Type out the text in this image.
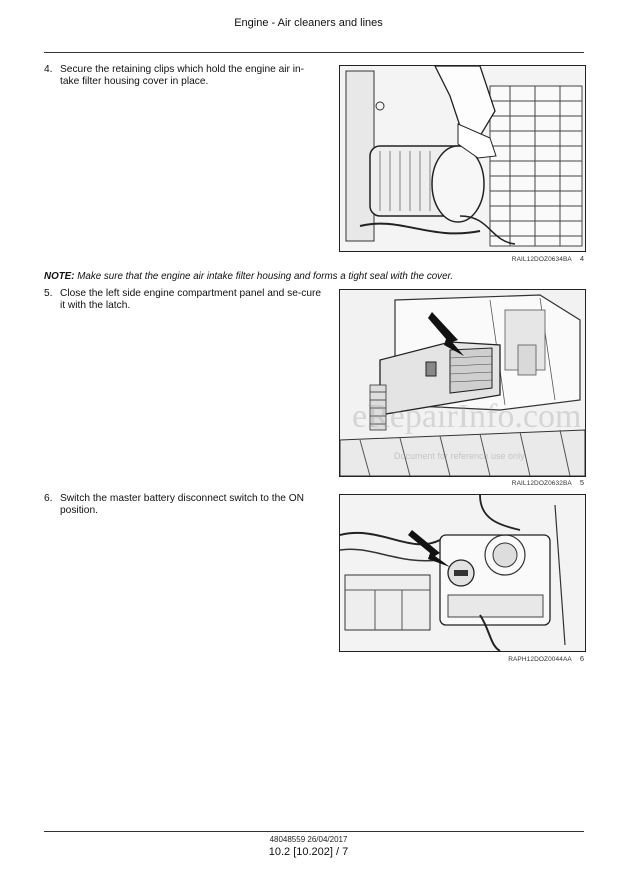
Engine - Air cleaners and lines
4. Secure the retaining clips which hold the engine air in-take filter housing cover in place.
RAIL12DOZ0634BA 4
NOTE: Make sure that the engine air intake filter housing and forms a tight seal with the cover.
5. Close the left side engine compartment panel and se-cure it with the latch.
RAIL12DOZ0632BA 5
6. Switch the master battery disconnect switch to the ON position.
RAPH12DOZ0044AA 6
eRepairInfo.com
Document for reference use only
48048559 26/04/2017
10.2 [10.202] / 7
